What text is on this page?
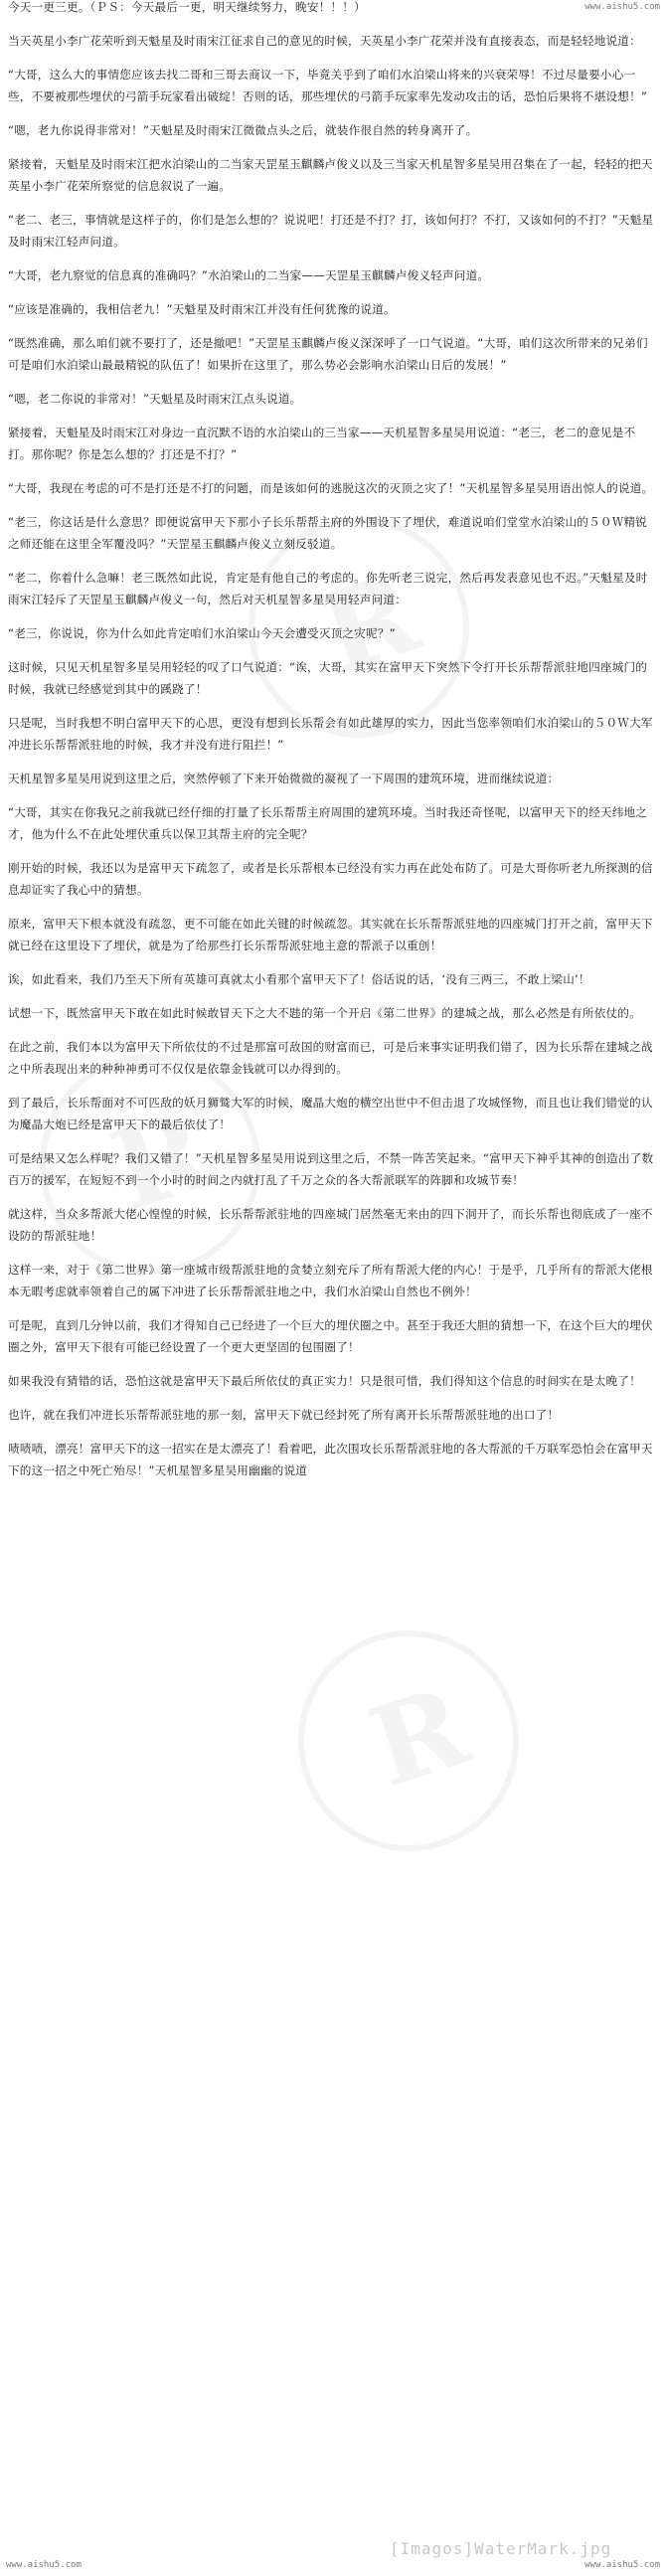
www.aishu5.com
R
R
R

今天一更三更。（ＰＳ：今天最后一更，明天继续努力，晚安！！！）

当天英星小李广花荣听到天魁星及时雨宋江征求自己的意见的时候，天英星小李广花荣并没有直接表态，而是轻轻地说道：

“大哥，这么大的事情您应该去找二哥和三哥去商议一下，毕竟关乎到了咱们水泊梁山将来的兴衰荣辱！不过尽量要小心一些，不要被那些埋伏的弓箭手玩家看出破绽！否则的话，那些埋伏的弓箭手玩家率先发动攻击的话，恐怕后果将不堪设想！”

“嗯，老九你说得非常对！”天魁星及时雨宋江微微点头之后，就装作很自然的转身离开了。

紧接着，天魁星及时雨宋江把水泊梁山的二当家天罡星玉麒麟卢俊义以及三当家天机星智多星吴用召集在了一起，轻轻的把天英星小李广花荣所察觉的信息叙说了一遍。

“老二、老三，事情就是这样子的，你们是怎么想的？说说吧！打还是不打？打，该如何打？不打，又该如何的不打？”天魁星及时雨宋江轻声问道。

“大哥，老九察觉的信息真的准确吗？”水泊梁山的二当家——天罡星玉麒麟卢俊义轻声问道。

“应该是准确的，我相信老九！”天魁星及时雨宋江并没有任何犹豫的说道。

“既然准确，那么咱们就不要打了，还是撤吧！”天罡星玉麒麟卢俊义深深呼了一口气说道。“大哥，咱们这次所带来的兄弟们可是咱们水泊梁山最最精锐的队伍了！如果折在这里了，那么势必会影响水泊梁山日后的发展！”

“嗯，老二你说的非常对！”天魁星及时雨宋江点头说道。

紧接着，天魁星及时雨宋江对身边一直沉默不语的水泊梁山的三当家——天机星智多星吴用说道：“老三，老二的意见是不打。那你呢？你是怎么想的？打还是不打？”

“大哥，我现在考虑的可不是打还是不打的问题，而是该如何的逃脱这次的灭顶之灾了！”天机星智多星吴用语出惊人的说道。

“老三，你这话是什么意思？即便说富甲天下那小子长乐帮帮主府的外围设下了埋伏，难道说咱们堂堂水泊梁山的５０Ｗ精锐之师还能在这里全军覆没吗？”天罡星玉麒麟卢俊义立刻反驳道。

“老二，你着什么急嘛！老三既然如此说，肯定是有他自己的考虑的。你先听老三说完，然后再发表意见也不迟。”天魁星及时雨宋江轻斥了天罡星玉麒麟卢俊义一句，然后对天机星智多星吴用轻声问道：

“老三，你说说，你为什么如此肯定咱们水泊梁山今天会遭受灭顶之灾呢？”

这时候，只见天机星智多星吴用轻轻的叹了口气说道：“诶，大哥，其实在富甲天下突然下令打开长乐帮帮派驻地四座城门的时候，我就已经感觉到其中的蹊跷了！

只是呢，当时我想不明白富甲天下的心思，更没有想到长乐帮会有如此雄厚的实力，因此当您率领咱们水泊梁山的５０Ｗ大军冲进长乐帮帮派驻地的时候，我才并没有进行阻拦！”

天机星智多星吴用说到这里之后，突然停顿了下来开始微微的凝视了一下周围的建筑环境，进而继续说道：

“大哥，其实在你我兄之前我就已经仔细的打量了长乐帮帮主府周围的建筑环境。当时我还奇怪呢，以富甲天下的经天纬地之才，他为什么不在此处埋伏重兵以保卫其帮主府的完全呢？

刚开始的时候，我还以为是富甲天下疏忽了，或者是长乐帮根本已经没有实力再在此处布防了。可是大哥你听老九所探测的信息却证实了我心中的猜想。

原来，富甲天下根本就没有疏忽，更不可能在如此关键的时候疏忽。其实就在长乐帮帮派驻地的四座城门打开之前，富甲天下就已经在这里设下了埋伏，就是为了给那些打长乐帮帮派驻地主意的帮派子以重创！

诶，如此看来，我们乃至天下所有英雄可真就太小看那个富甲天下了！俗话说的话，‘没有三两三，不敢上梁山’！

试想一下，既然富甲天下敢在如此时候敢冒天下之大不韪的第一个开启《第二世界》的建城之战，那么必然是有所依仗的。

在此之前，我们本以为富甲天下所依仗的不过是那富可敌国的财富而已，可是后来事实证明我们错了，因为长乐帮在建城之战之中所表现出来的种种神勇可不仅仅是依靠金钱就可以办得到的。

到了最后，长乐帮面对不可匹敌的妖月狮鹫大军的时候，魔晶大炮的横空出世中不但击退了攻城怪物，而且也让我们错觉的认为魔晶大炮已经是富甲天下的最后依仗了！

可是结果又怎么样呢？我们又错了！”天机星智多星吴用说到这里之后，不禁一阵苦笑起来。“富甲天下神乎其神的创造出了数百万的援军，在短短不到一个小时的时间之内就打乱了千万之众的各大帮派联军的阵脚和攻城节奏！

就这样，当众多帮派大佬心惶惶的时候，长乐帮帮派驻地的四座城门居然毫无来由的四下洞开了，而长乐帮也彻底成了一座不设防的帮派驻地！

这样一来，对于《第二世界》第一座城市级帮派驻地的贪婪立刻充斥了所有帮派大佬的内心！于是乎，几乎所有的帮派大佬根本无暇考虑就率领着自己的属下冲进了长乐帮帮派驻地之中，我们水泊梁山自然也不例外！

可是呢，直到几分钟以前，我们才得知自己已经进了一个巨大的埋伏圈之中。甚至于我还大胆的猜想一下，在这个巨大的埋伏圈之外，富甲天下很有可能已经设置了一个更大更坚固的包围圈了！

如果我没有猜错的话，恐怕这就是富甲天下最后所依仗的真正实力！只是很可惜，我们得知这个信息的时间实在是太晚了！

也许，就在我们冲进长乐帮帮派驻地的那一刻，富甲天下就已经封死了所有离开长乐帮帮派驻地的出口了！

啧啧啧，漂亮！富甲天下的这一招实在是太漂亮了！看着吧，此次围攻长乐帮帮派驻地的各大帮派的千万联军恐怕会在富甲天下的这一招之中死亡殆尽！”天机星智多星吴用幽幽的说道

[Imagos]WaterMark.jpg
www.aishu5.com	www.aishu5.com
